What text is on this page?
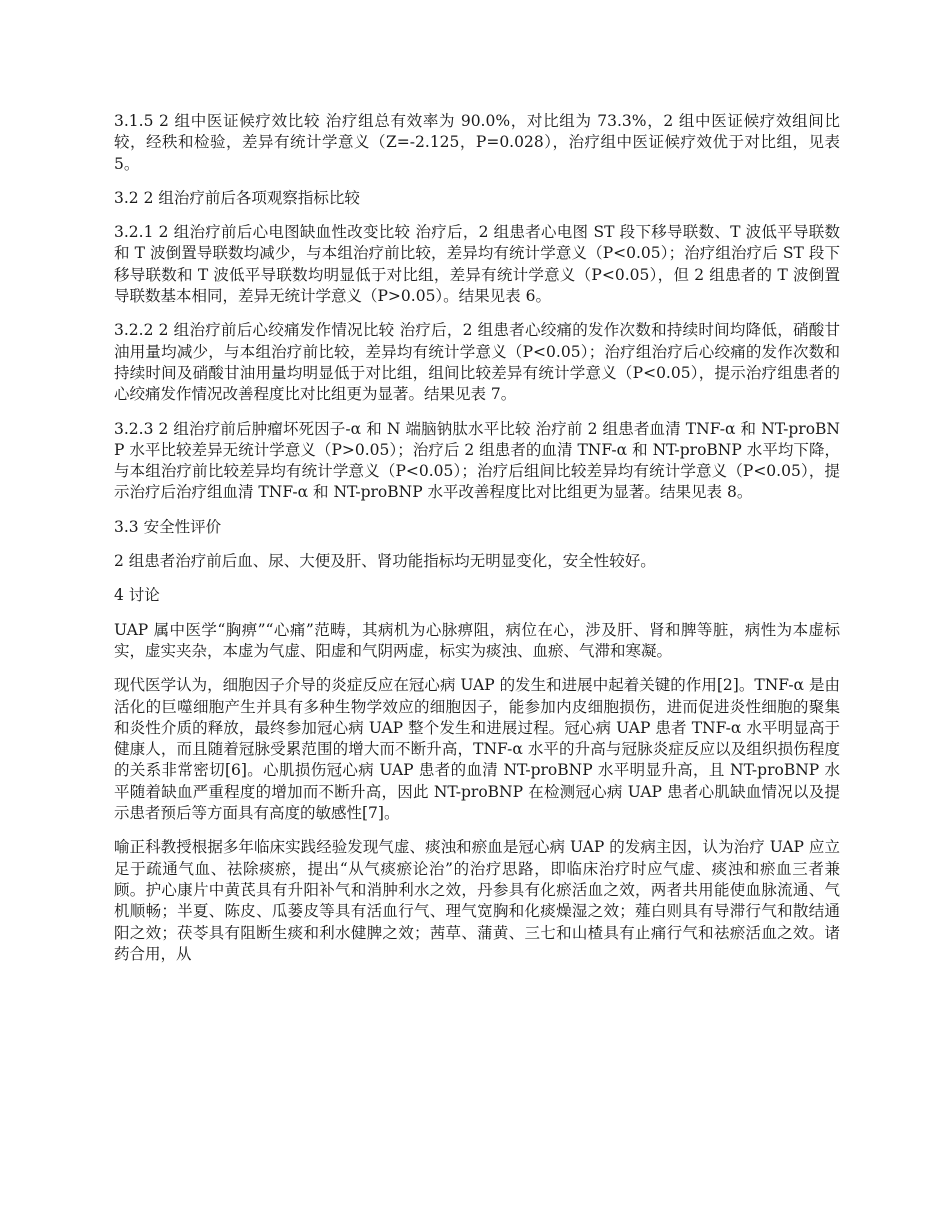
3.1.5 2 组中医证候疗效比较 治疗组总有效率为 90.0%，对比组为 73.3%，2 组中医证候疗效组间比较，经秩和检验，差异有统计学意义（Z=-2.125，P=0.028），治疗组中医证候疗效优于对比组，见表 5。

3.2 2 组治疗前后各项观察指标比较

3.2.1 2 组治疗前后心电图缺血性改变比较 治疗后，2 组患者心电图 ST 段下移导联数、T 波低平导联数和 T 波倒置导联数均减少，与本组治疗前比较，差异均有统计学意义（P<0.05）；治疗组治疗后 ST 段下移导联数和 T 波低平导联数均明显低于对比组，差异有统计学意义（P<0.05），但 2 组患者的 T 波倒置导联数基本相同，差异无统计学意义（P>0.05）。结果见表 6。

3.2.2 2 组治疗前后心绞痛发作情况比较 治疗后，2 组患者心绞痛的发作次数和持续时间均降低，硝酸甘油用量均减少，与本组治疗前比较，差异均有统计学意义（P<0.05）；治疗组治疗后心绞痛的发作次数和持续时间及硝酸甘油用量均明显低于对比组，组间比较差异有统计学意义（P<0.05），提示治疗组患者的心绞痛发作情况改善程度比对比组更为显著。结果见表 7。

3.2.3 2 组治疗前后肿瘤坏死因子-α 和 N 端脑钠肽水平比较 治疗前 2 组患者血清 TNF-α 和 NT-proBNP 水平比较差异无统计学意义（P>0.05）；治疗后 2 组患者的血清 TNF-α 和 NT-proBNP 水平均下降，与本组治疗前比较差异均有统计学意义（P<0.05）；治疗后组间比较差异均有统计学意义（P<0.05），提示治疗后治疗组血清 TNF-α 和 NT-proBNP 水平改善程度比对比组更为显著。结果见表 8。

3.3 安全性评价

2 组患者治疗前后血、尿、大便及肝、肾功能指标均无明显变化，安全性较好。

4 讨论

UAP 属中医学“胸痹”“心痛”范畴，其病机为心脉痹阻，病位在心，涉及肝、肾和脾等脏，病性为本虚标实，虚实夹杂，本虚为气虚、阳虚和气阴两虚，标实为痰浊、血瘀、气滞和寒凝。

现代医学认为，细胞因子介导的炎症反应在冠心病 UAP 的发生和进展中起着关键的作用[2]。TNF-α 是由活化的巨噬细胞产生并具有多种生物学效应的细胞因子，能参加内皮细胞损伤，进而促进炎性细胞的聚集和炎性介质的释放，最终参加冠心病 UAP 整个发生和进展过程。冠心病 UAP 患者 TNF-α 水平明显高于健康人，而且随着冠脉受累范围的增大而不断升高，TNF-α 水平的升高与冠脉炎症反应以及组织损伤程度的关系非常密切[6]。心肌损伤冠心病 UAP 患者的血清 NT-proBNP 水平明显升高，且 NT-proBNP 水平随着缺血严重程度的增加而不断升高，因此 NT-proBNP 在检测冠心病 UAP 患者心肌缺血情况以及提示患者预后等方面具有高度的敏感性[7]。

喻正科教授根据多年临床实践经验发现气虚、痰浊和瘀血是冠心病 UAP 的发病主因，认为治疗 UAP 应立足于疏通气血、祛除痰瘀，提出“从气痰瘀论治”的治疗思路，即临床治疗时应气虚、痰浊和瘀血三者兼顾。护心康片中黄芪具有升阳补气和消肿利水之效，丹参具有化瘀活血之效，两者共用能使血脉流通、气机顺畅；半夏、陈皮、瓜蒌皮等具有活血行气、理气宽胸和化痰燥湿之效；薤白则具有导滞行气和散结通阳之效；茯苓具有阻断生痰和利水健脾之效；茜草、蒲黄、三七和山楂具有止痛行气和祛瘀活血之效。诸药合用，从
